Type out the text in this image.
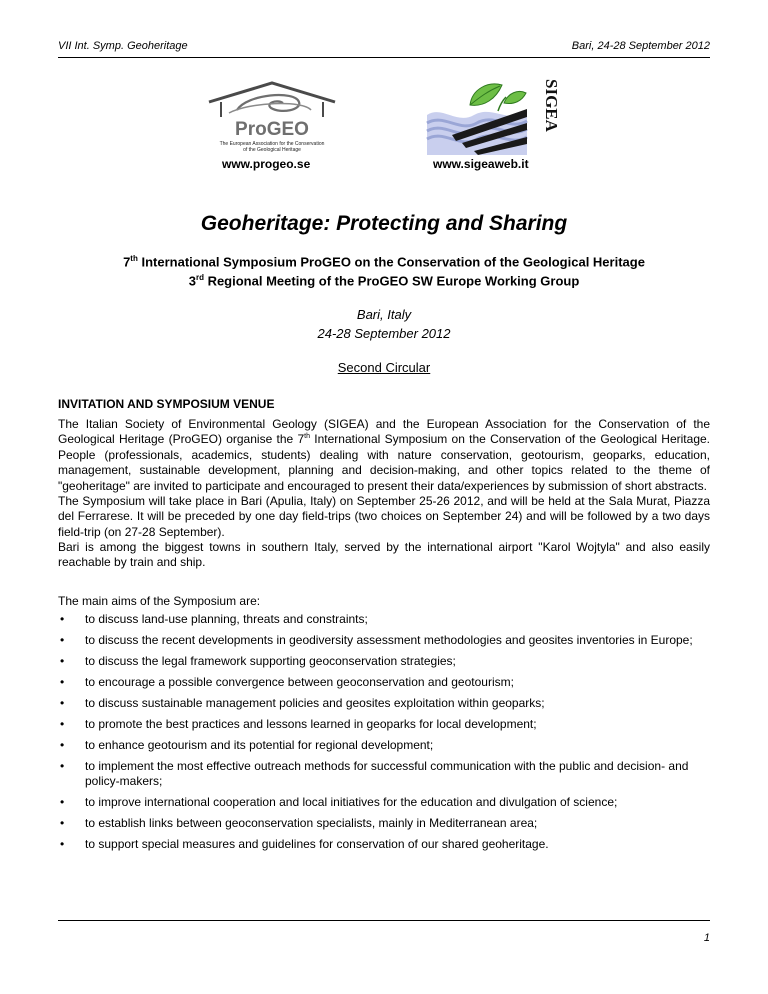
VII Int. Symp. Geoheritage	Bari, 24-28 September 2012
ProGEO
The European Association for the Conservation
of the Geological Heritage
SIGEA
www.progeo.se	www.sigeaweb.it
Geoheritage: Protecting and Sharing
7th International Symposium ProGEO on the Conservation of the Geological Heritage
3rd Regional Meeting of the ProGEO SW Europe Working Group
Bari, Italy
24-28 September 2012
Second Circular
INVITATION AND SYMPOSIUM VENUE
The Italian Society of Environmental Geology (SIGEA) and the European Association for the Conservation of the Geological Heritage (ProGEO) organise the 7th International Symposium on the Conservation of the Geological Heritage. People (professionals, academics, students) dealing with nature conservation, geotourism, geoparks, education, management, sustainable development, planning and decision-making, and other topics related to the theme of "geoheritage" are invited to participate and encouraged to present their data/experiences by submission of short abstracts.
The Symposium will take place in Bari (Apulia, Italy) on September 25-26 2012, and will be held at the Sala Murat, Piazza del Ferrarese. It will be preceded by one day field-trips (two choices on September 24) and will be followed by a two days field-trip (on 27-28 September).
Bari is among the biggest towns in southern Italy, served by the international airport "Karol Wojtyla" and also easily reachable by train and ship.
The main aims of the Symposium are:
• to discuss land-use planning, threats and constraints;
• to discuss the recent developments in geodiversity assessment methodologies and geosites inventories in Europe;
• to discuss the legal framework supporting geoconservation strategies;
• to encourage a possible convergence between geoconservation and geotourism;
• to discuss sustainable management policies and geosites exploitation within geoparks;
• to promote the best practices and lessons learned in geoparks for local development;
• to enhance geotourism and its potential for regional development;
• to implement the most effective outreach methods for successful communication with the public and decision- and policy-makers;
• to improve international cooperation and local initiatives for the education and divulgation of science;
• to establish links between geoconservation specialists, mainly in Mediterranean area;
• to support special measures and guidelines for conservation of our shared geoheritage.
1
